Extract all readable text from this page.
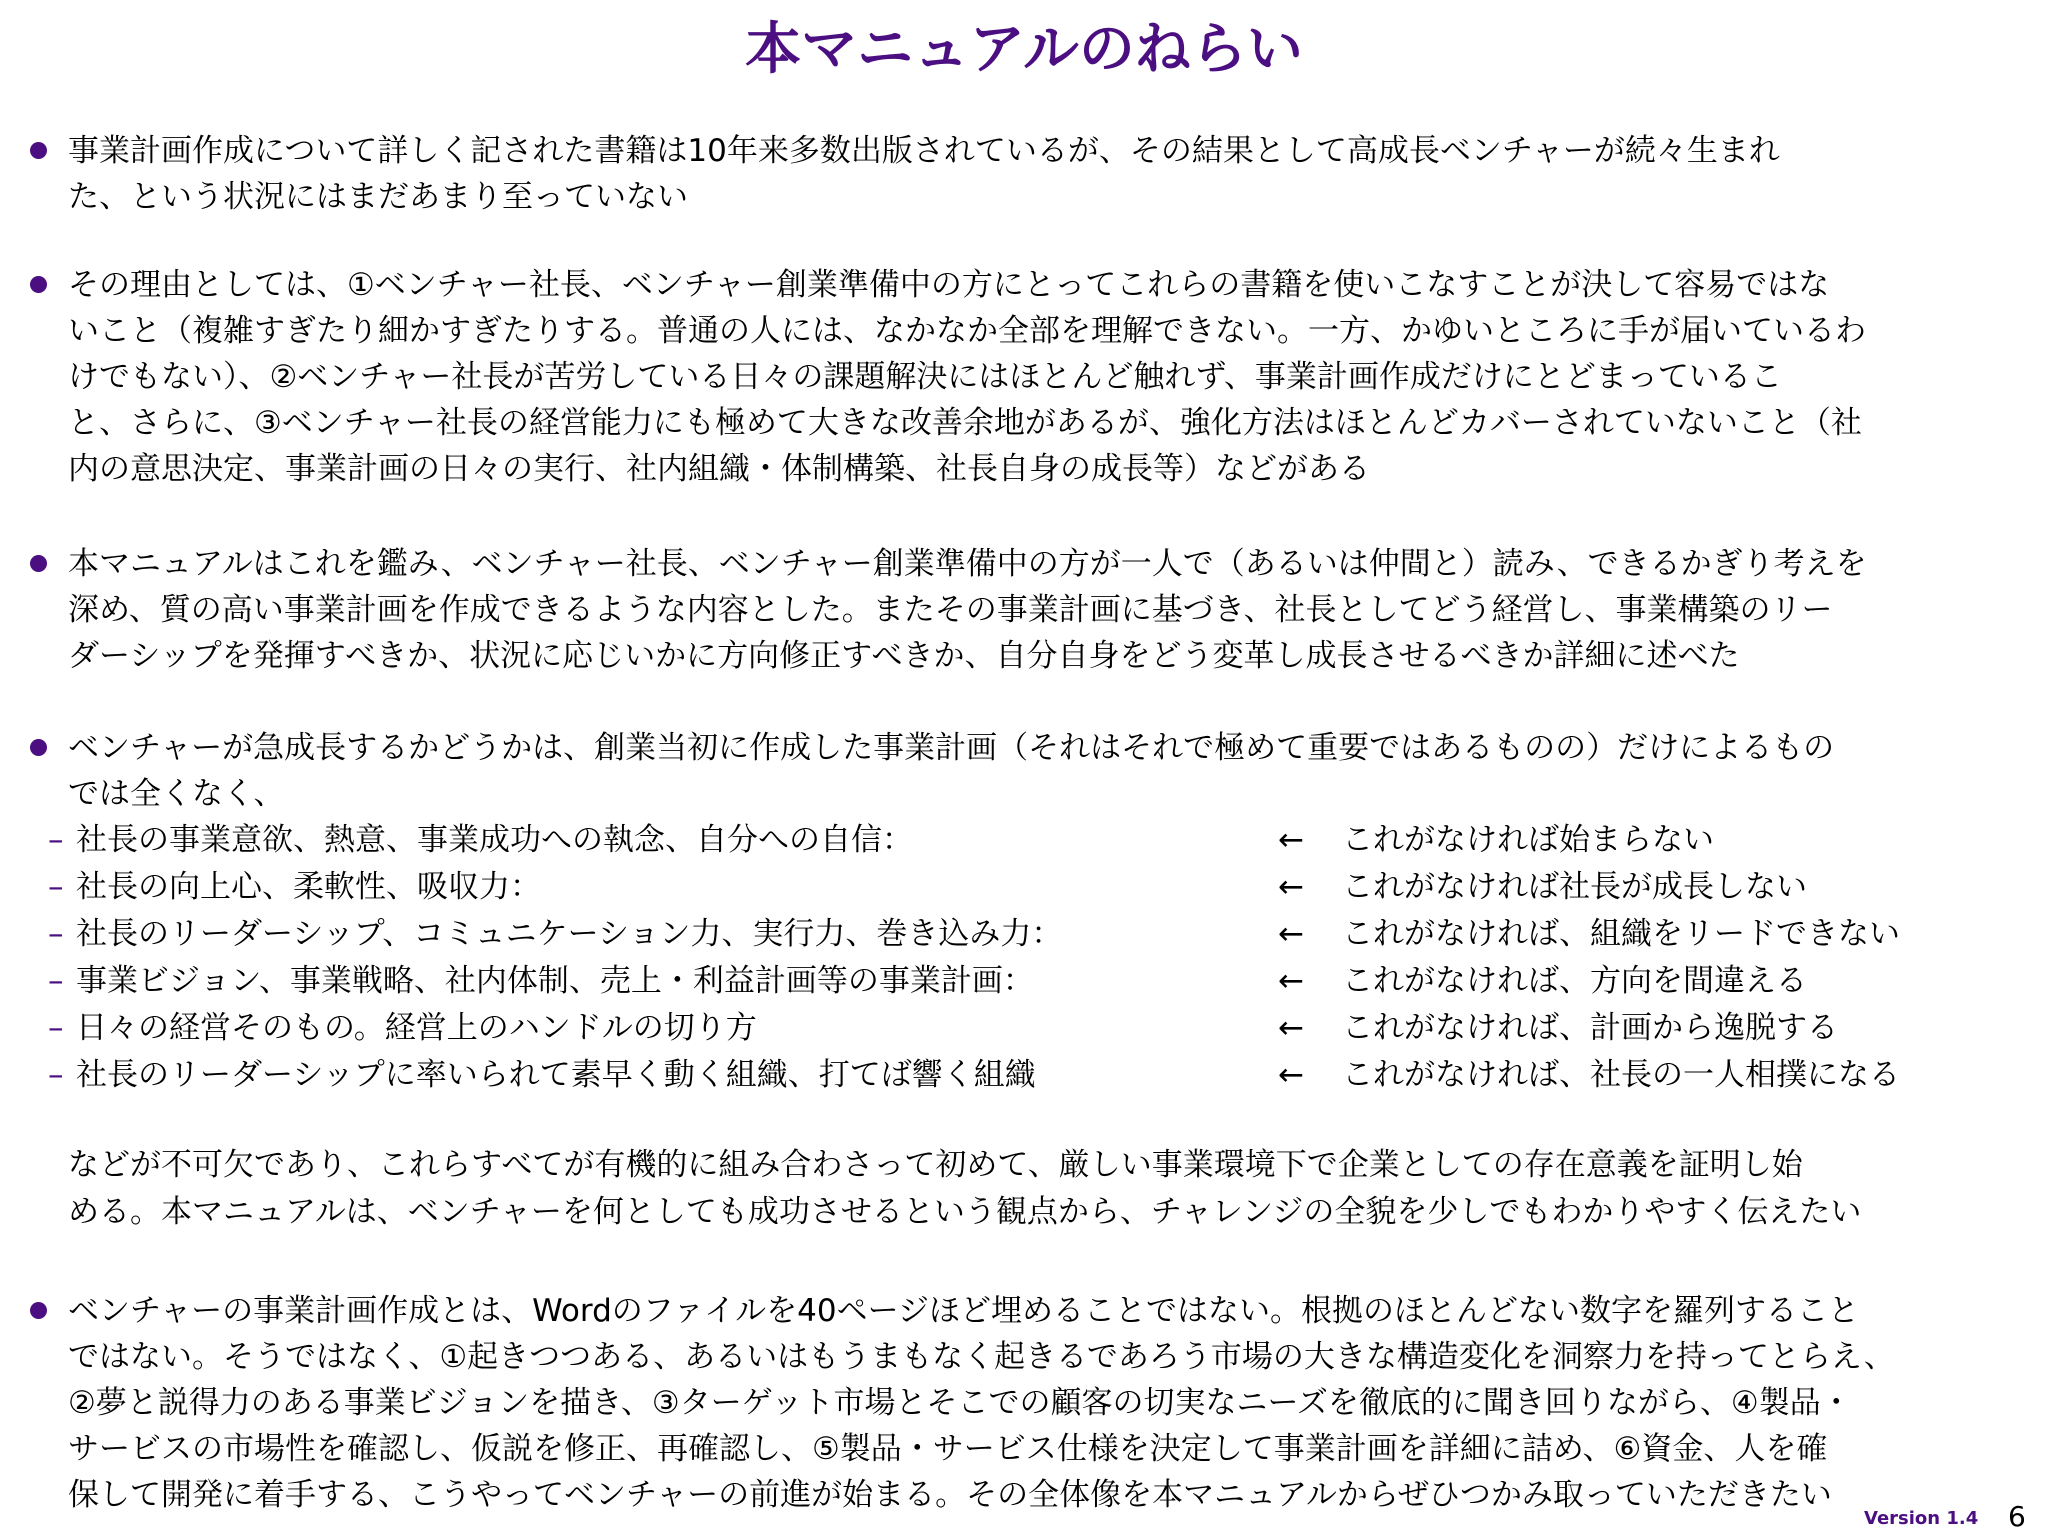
本マニュアルのねらい
事業計画作成について詳しく記された書籍は10年来多数出版されているが、その結果として高成長ベンチャーが続々生まれ
た、という状況にはまだあまり至っていない
その理由としては、①ベンチャー社長、ベンチャー創業準備中の方にとってこれらの書籍を使いこなすことが決して容易ではな
いこと（複雑すぎたり細かすぎたりする。普通の人には、なかなか全部を理解できない。一方、かゆいところに手が届いているわ
けでもない）、②ベンチャー社長が苦労している日々の課題解決にはほとんど触れず、事業計画作成だけにとどまっているこ
と、さらに、③ベンチャー社長の経営能力にも極めて大きな改善余地があるが、強化方法はほとんどカバーされていないこと（社
内の意思決定、事業計画の日々の実行、社内組織・体制構築、社長自身の成長等）などがある
本マニュアルはこれを鑑み、ベンチャー社長、ベンチャー創業準備中の方が一人で（あるいは仲間と）読み、できるかぎり考えを
深め、質の高い事業計画を作成できるような内容とした。またその事業計画に基づき、社長としてどう経営し、事業構築のリー
ダーシップを発揮すべきか、状況に応じいかに方向修正すべきか、自分自身をどう変革し成長させるべきか詳細に述べた
ベンチャーが急成長するかどうかは、創業当初に作成した事業計画（それはそれで極めて重要ではあるものの）だけによるもの
では全くなく、
– 社長の事業意欲、熱意、事業成功への執念、自分への自信：	← これがなければ始まらない
– 社長の向上心、柔軟性、吸収力：	← これがなければ社長が成長しない
– 社長のリーダーシップ、コミュニケーション力、実行力、巻き込み力：	← これがなければ、組織をリードできない
– 事業ビジョン、事業戦略、社内体制、売上・利益計画等の事業計画：	← これがなければ、方向を間違える
– 日々の経営そのもの。経営上のハンドルの切り方	← これがなければ、計画から逸脱する
– 社長のリーダーシップに率いられて素早く動く組織、打てば響く組織	← これがなければ、社長の一人相撲になる
などが不可欠であり、これらすべてが有機的に組み合わさって初めて、厳しい事業環境下で企業としての存在意義を証明し始
める。本マニュアルは、ベンチャーを何としても成功させるという観点から、チャレンジの全貌を少しでもわかりやすく伝えたい
ベンチャーの事業計画作成とは、Wordのファイルを40ページほど埋めることではない。根拠のほとんどない数字を羅列すること
ではない。そうではなく、①起きつつある、あるいはもうまもなく起きるであろう市場の大きな構造変化を洞察力を持ってとらえ、
②夢と説得力のある事業ビジョンを描き、③ターゲット市場とそこでの顧客の切実なニーズを徹底的に聞き回りながら、④製品・
サービスの市場性を確認し、仮説を修正、再確認し、⑤製品・サービス仕様を決定して事業計画を詳細に詰め、⑥資金、人を確
保して開発に着手する、こうやってベンチャーの前進が始まる。その全体像を本マニュアルからぜひつかみ取っていただきたい
Version 1.4 6
